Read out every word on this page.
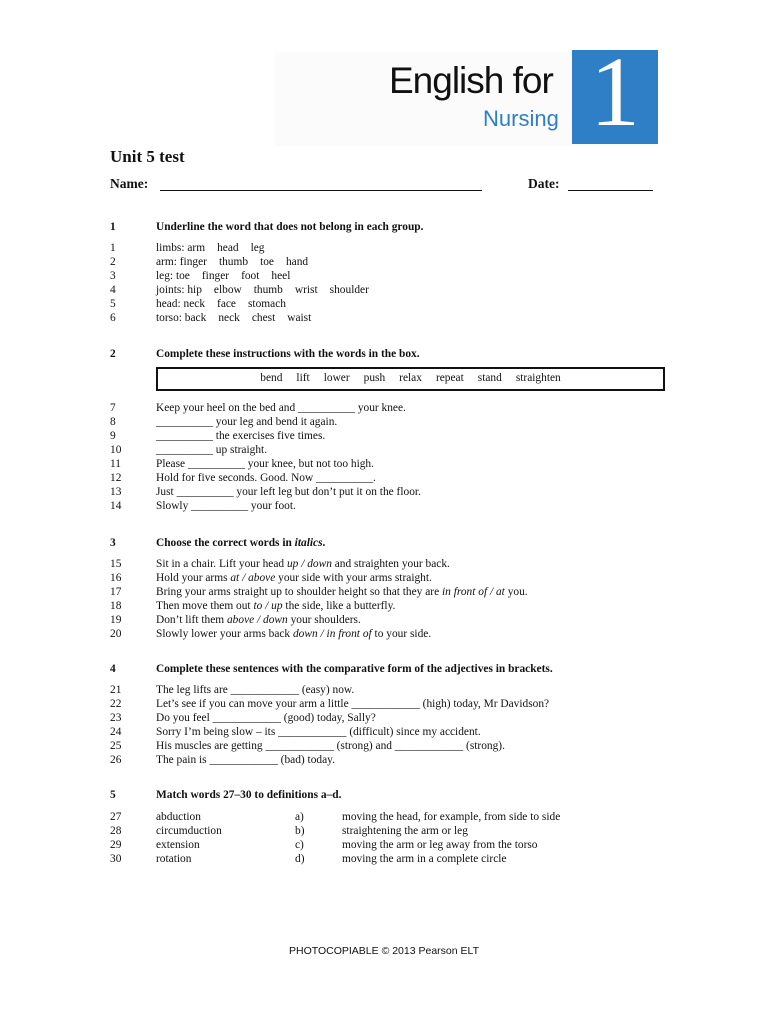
English for
Nursing 1
Unit 5 test
Name:	Date:
1	Underline the word that does not belong in each group.
1	limbs: arm head leg
2	arm: finger thumb toe hand
3	leg: toe finger foot heel
4	joints: hip elbow thumb wrist shoulder
5	head: neck face stomach
6	torso: back neck chest waist
2	Complete these instructions with the words in the box.
bend lift lower push relax repeat stand straighten
7	Keep your heel on the bed and __________ your knee.
8	__________ your leg and bend it again.
9	__________ the exercises five times.
10	__________ up straight.
11	Please __________ your knee, but not too high.
12	Hold for five seconds. Good. Now __________.
13	Just __________ your left leg but don’t put it on the floor.
14	Slowly __________ your foot.
3	Choose the correct words in italics.
15	Sit in a chair. Lift your head up / down and straighten your back.
16	Hold your arms at / above your side with your arms straight.
17	Bring your arms straight up to shoulder height so that they are in front of / at you.
18	Then move them out to / up the side, like a butterfly.
19	Don’t lift them above / down your shoulders.
20	Slowly lower your arms back down / in front of to your side.
4	Complete these sentences with the comparative form of the adjectives in brackets.
21	The leg lifts are ____________ (easy) now.
22	Let’s see if you can move your arm a little ____________ (high) today, Mr Davidson?
23	Do you feel ____________ (good) today, Sally?
24	Sorry I’m being slow – its ____________ (difficult) since my accident.
25	His muscles are getting ____________ (strong) and ____________ (strong).
26	The pain is ____________ (bad) today.
5	Match words 27–30 to definitions a–d.
27	abduction	a)	moving the head, for example, from side to side
28	circumduction	b)	straightening the arm or leg
29	extension	c)	moving the arm or leg away from the torso
30	rotation	d)	moving the arm in a complete circle
PHOTOCOPIABLE © 2013 Pearson ELT
